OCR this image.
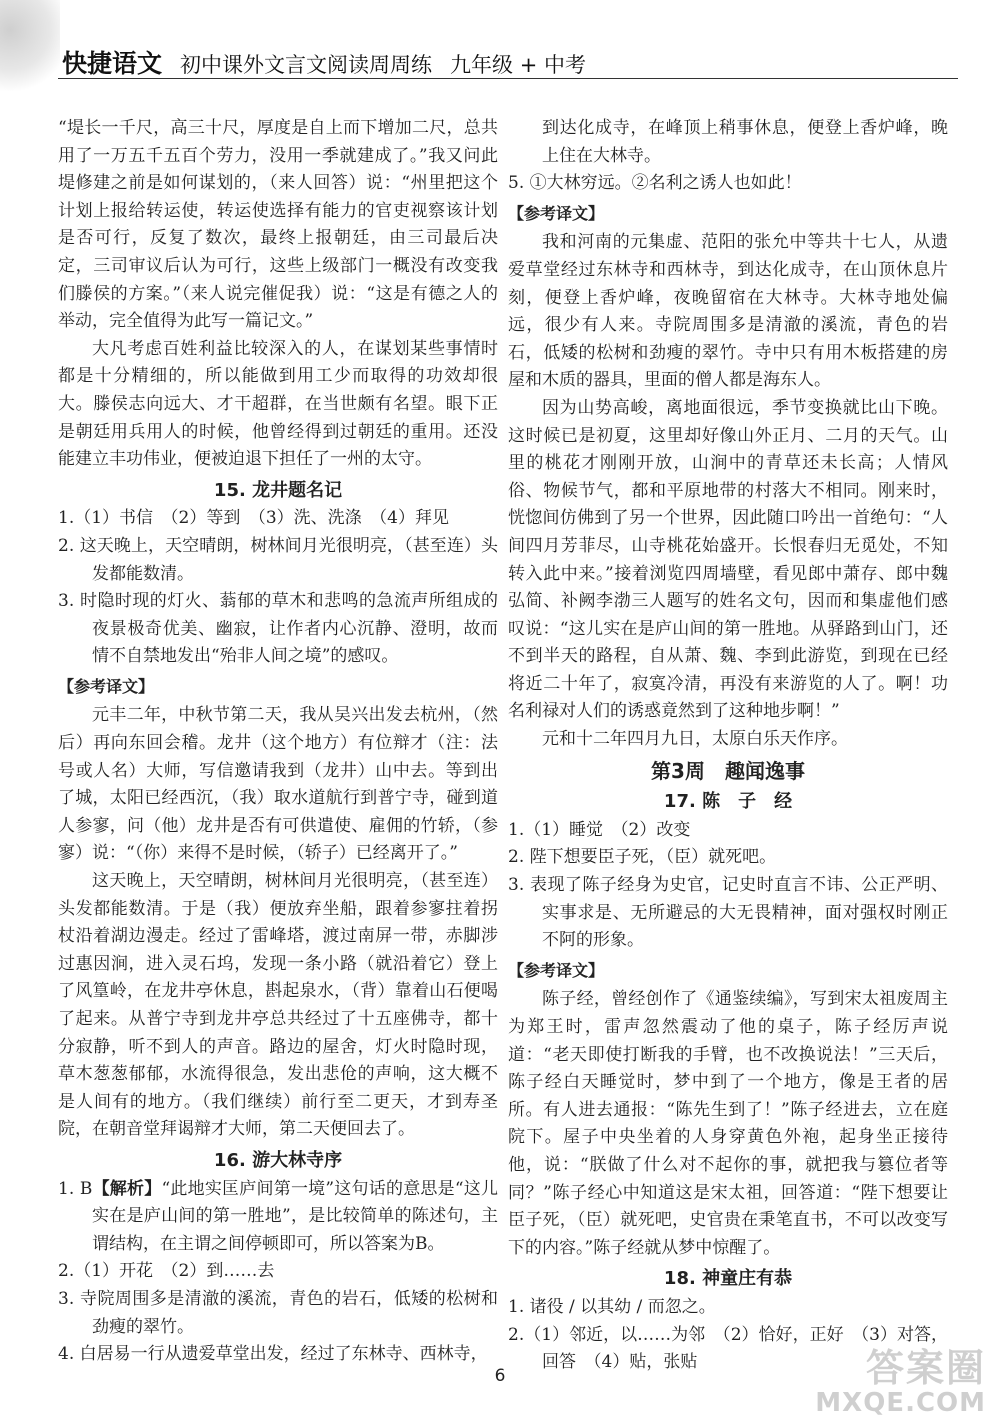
快捷语文 初中课外文言文阅读周周练 九年级 + 中考

“堤长一千尺，高三十尺，厚度是自上而下增加二尺，总共用了一万五千五百个劳力，没用一季就建成了。”我又问此堤修建之前是如何谋划的，（来人回答）说：“州里把这个计划上报给转运使，转运使选择有能力的官吏视察该计划是否可行，反复了数次，最终上报朝廷，由三司最后决定，三司审议后认为可行，这些上级部门一概没有改变我们滕侯的方案。”（来人说完催促我）说：“这是有德之人的举动，完全值得为此写一篇记文。”

大凡考虑百姓利益比较深入的人，在谋划某些事情时都是十分精细的，所以能做到用工少而取得的功效却很大。滕侯志向远大、才干超群，在当世颇有名望。眼下正是朝廷用兵用人的时候，他曾经得到过朝廷的重用。还没能建立丰功伟业，便被迫退下担任了一州的太守。

15. 龙井题名记

1.（1）书信　（2）等到　（3）洗、洗涤　（4）拜见

2. 这天晚上，天空晴朗，树林间月光很明亮，（甚至连）头发都能数清。

3. 时隐时现的灯火、蓊郁的草木和悲鸣的急流声所组成的夜景极奇优美、幽寂，让作者内心沉静、澄明，故而情不自禁地发出“殆非人间之境”的感叹。

【参考译文】

元丰二年，中秋节第二天，我从吴兴出发去杭州，（然后）再向东回会稽。龙井（这个地方）有位辩才（注：法号或人名）大师，写信邀请我到（龙井）山中去。等到出了城，太阳已经西沉，（我）取水道航行到普宁寺，碰到道人参寥，问（他）龙井是否有可供遣使、雇佣的竹轿，（参寥）说：“（你）来得不是时候，（轿子）已经离开了。”

这天晚上，天空晴朗，树林间月光很明亮，（甚至连）头发都能数清。于是（我）便放弃坐船，跟着参寥拄着拐杖沿着湖边漫走。经过了雷峰塔，渡过南屏一带，赤脚涉过惠因涧，进入灵石坞，发现一条小路（就沿着它）登上了风篁岭，在龙井亭休息，斟起泉水，（背）靠着山石便喝了起来。从普宁寺到龙井亭总共经过了十五座佛寺，都十分寂静，听不到人的声音。路边的屋舍，灯火时隐时现，草木葱葱郁郁，水流得很急，发出悲伧的声响，这大概不是人间有的地方。（我们继续）前行至二更天，才到寿圣院，在朝音堂拜谒辩才大师，第二天便回去了。

16. 游大林寺序

1. B【解析】“此地实匡庐间第一境”这句话的意思是“这儿实在是庐山间的第一胜地”，是比较简单的陈述句，主谓结构，在主谓之间停顿即可，所以答案为B。

2.（1）开花　（2）到……去

3. 寺院周围多是清澈的溪流，青色的岩石，低矮的松树和劲瘦的翠竹。

4. 白居易一行从遗爱草堂出发，经过了东林寺、西林寺，

到达化成寺，在峰顶上稍事休息，便登上香炉峰，晚上住在大林寺。

5. ①大林穷远。②名利之诱人也如此！

【参考译文】

我和河南的元集虚、范阳的张允中等共十七人，从遗爱草堂经过东林寺和西林寺，到达化成寺，在山顶休息片刻，便登上香炉峰，夜晚留宿在大林寺。大林寺地处偏远，很少有人来。寺院周围多是清澈的溪流，青色的岩石，低矮的松树和劲瘦的翠竹。寺中只有用木板搭建的房屋和木质的器具，里面的僧人都是海东人。

因为山势高峻，离地面很远，季节变换就比山下晚。这时候已是初夏，这里却好像山外正月、二月的天气。山里的桃花才刚刚开放，山涧中的青草还未长高；人情风俗、物候节气，都和平原地带的村落大不相同。刚来时，恍惚间仿佛到了另一个世界，因此随口吟出一首绝句：“人间四月芳菲尽，山寺桃花始盛开。长恨春归无觅处，不知转入此中来。”接着浏览四周墙壁，看见郎中萧存、郎中魏弘简、补阙李渤三人题写的姓名文句，因而和集虚他们感叹说：“这儿实在是庐山间的第一胜地。从驿路到山门，还不到半天的路程，自从萧、魏、李到此游览，到现在已经将近二十年了，寂寞冷清，再没有来游览的人了。啊！功名利禄对人们的诱惑竟然到了这种地步啊！”

元和十二年四月九日，太原白乐天作序。

第3周　趣闻逸事
17. 陈　子　经

1.（1）睡觉　（2）改变

2. 陛下想要臣子死，（臣）就死吧。

3. 表现了陈子经身为史官，记史时直言不讳、公正严明、实事求是、无所避忌的大无畏精神，面对强权时刚正不阿的形象。

【参考译文】

陈子经，曾经创作了《通鉴续编》，写到宋太祖废周主为郑王时，雷声忽然震动了他的桌子，陈子经厉声说道：“老天即使打断我的手臂，也不改换说法！”三天后，陈子经白天睡觉时，梦中到了一个地方，像是王者的居所。有人进去通报：“陈先生到了！”陈子经进去，立在庭院下。屋子中央坐着的人身穿黄色外袍，起身坐正接待他，说：“朕做了什么对不起你的事，就把我与篡位者等同？”陈子经心中知道这是宋太祖，回答道：“陛下想要让臣子死，（臣）就死吧，史官贵在秉笔直书，不可以改变写下的内容。”陈子经就从梦中惊醒了。

18. 神童庄有恭

1. 诸役 / 以其幼 / 而忽之。

2.（1）邻近，以……为邻　（2）恰好，正好　（3）对答，回答　（4）贴，张贴

6	答案圈
MXQE.COM
